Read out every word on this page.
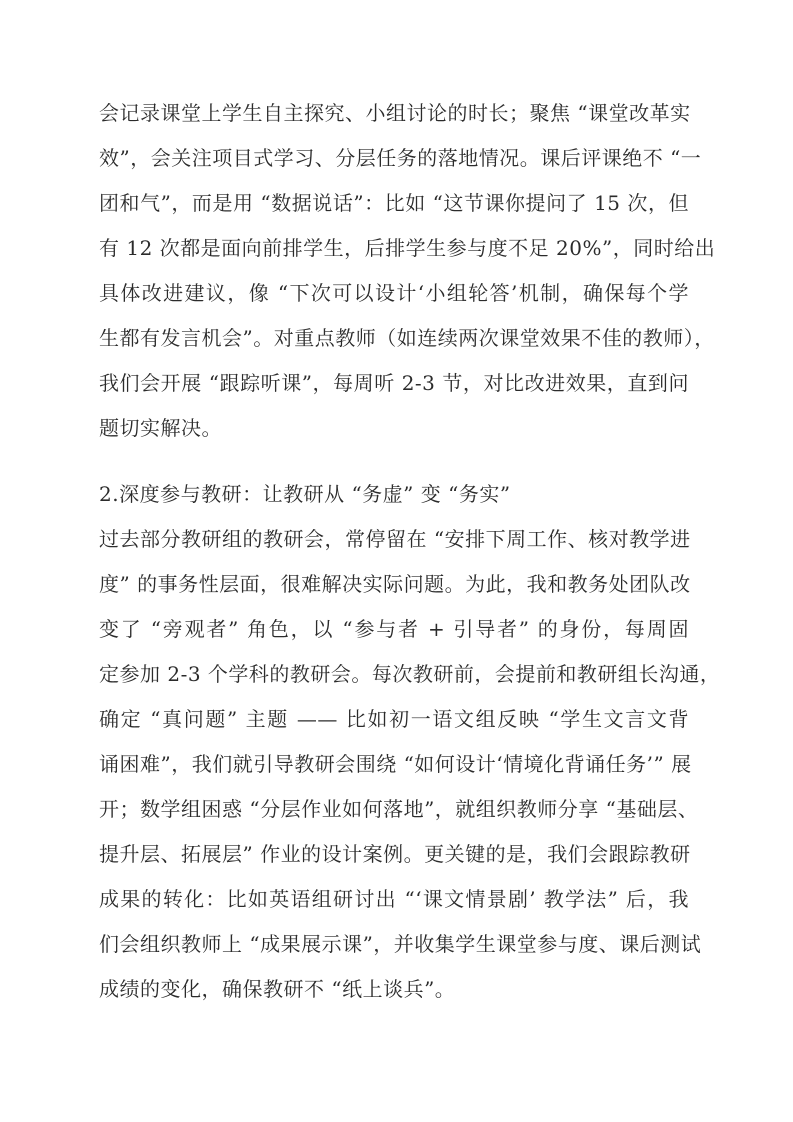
会记录课堂上学生自主探究、小组讨论的时长；聚焦 “课堂改革实
效”，会关注项目式学习、分层任务的落地情况。课后评课绝不 “一
团和气”，而是用 “数据说话”：比如 “这节课你提问了 15 次，但
有 12 次都是面向前排学生，后排学生参与度不足 20%”，同时给出
具体改进建议，像 “下次可以设计‘小组轮答’机制，确保每个学
生都有发言机会”。对重点教师（如连续两次课堂效果不佳的教师），
我们会开展 “跟踪听课”，每周听 2-3 节，对比改进效果，直到问
题切实解决。
2.深度参与教研：让教研从 “务虚” 变 “务实”
过去部分教研组的教研会，常停留在 “安排下周工作、核对教学进
度” 的事务性层面，很难解决实际问题。为此，我和教务处团队改
变了 “旁观者” 角色，以 “参与者 + 引导者” 的身份，每周固
定参加 2-3 个学科的教研会。每次教研前，会提前和教研组长沟通，
确定 “真问题” 主题 —— 比如初一语文组反映 “学生文言文背
诵困难”，我们就引导教研会围绕 “如何设计‘情境化背诵任务’” 展
开；数学组困惑 “分层作业如何落地”，就组织教师分享 “基础层、
提升层、拓展层” 作业的设计案例。更关键的是，我们会跟踪教研
成果的转化：比如英语组研讨出 “‘课文情景剧’ 教学法” 后，我
们会组织教师上 “成果展示课”，并收集学生课堂参与度、课后测试
成绩的变化，确保教研不 “纸上谈兵”。
